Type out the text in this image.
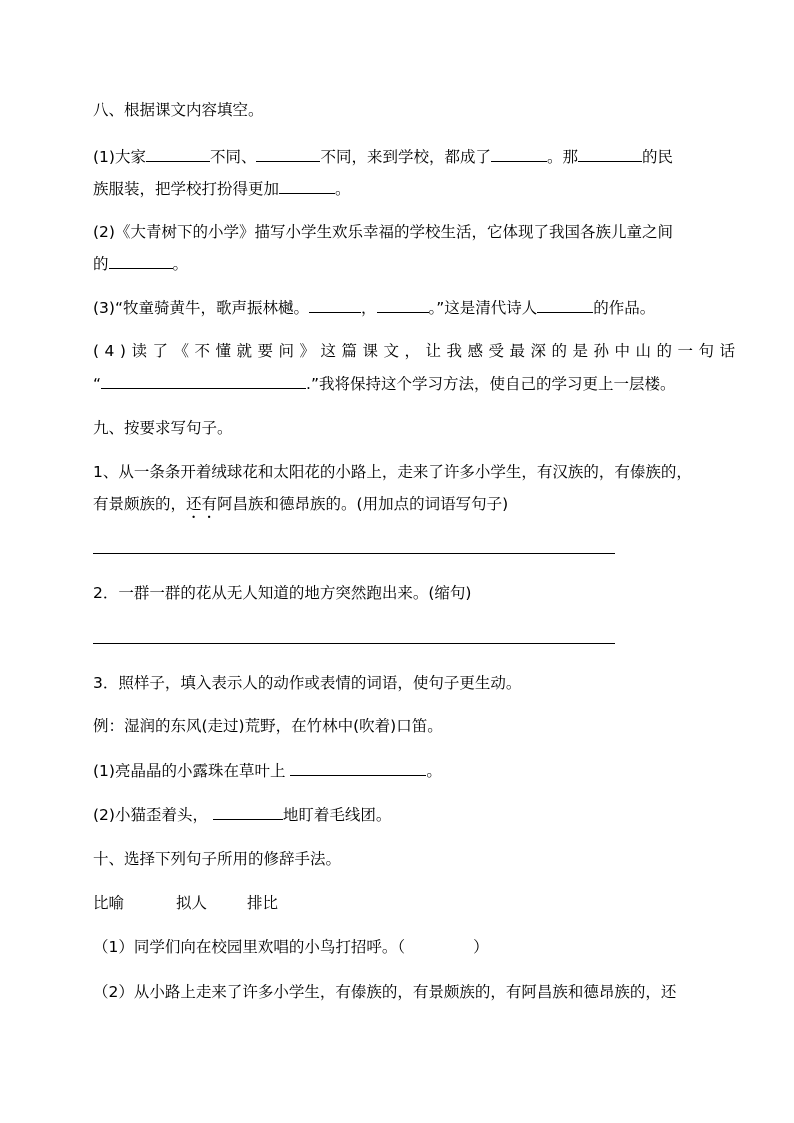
八、根据课文内容填空。
(1)大家	不同、	不同，来到学校，都成了	。那	的民
族服装，把学校打扮得更加	。
(2)《大青树下的小学》描写小学生欢乐幸福的学校生活，它体现了我国各族儿童之间
的	。
(3)“牧童骑黄牛，歌声振林樾。	，	。”这是清代诗人	的作品。
(4)读了《不懂就要问》这篇课文，让我感受最深的是孙中山的一句话
“	.”我将保持这个学习方法，使自己的学习更上一层楼。
九、按要求写句子。
1、从一条条开着绒球花和太阳花的小路上，走来了许多小学生，有汉族的，有傣族的，
有景颇族的，还有阿昌族和德昂族的。(用加点的词语写句子)
2．一群一群的花从无人知道的地方突然跑出来。(缩句)
3．照样子，填入表示人的动作或表情的词语，使句子更生动。
例：湿润的东风(走过)荒野，在竹林中(吹着)口笛。
(1)亮晶晶的小露珠在草叶上	。
(2)小猫歪着头，	地盯着毛线团。
十、选择下列句子所用的修辞手法。
比喻	拟人	排比
（1）同学们向在校园里欢唱的小鸟打招呼。（	）
（2）从小路上走来了许多小学生，有傣族的，有景颇族的，有阿昌族和德昂族的，还
